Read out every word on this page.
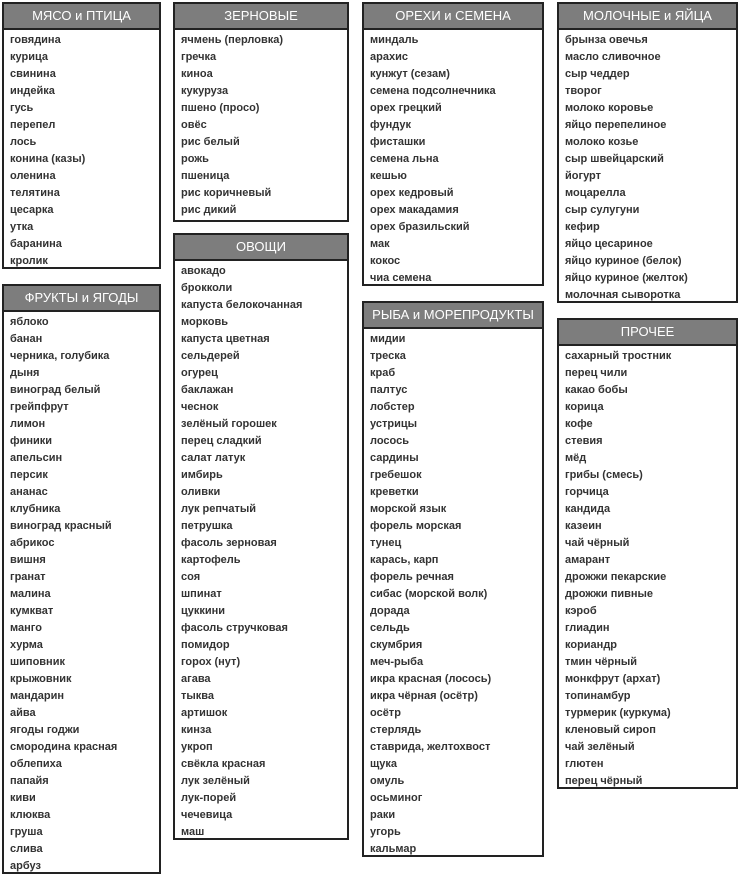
МЯСО и ПТИЦА
говядина
курица
свинина
индейка
гусь
перепел
лось
конина (казы)
оленина
телятина
цесарка
утка
баранина
кролик
ФРУКТЫ и ЯГОДЫ
яблоко
банан
черника, голубика
дыня
виноград белый
грейпфрут
лимон
финики
апельсин
персик
ананас
клубника
виноград красный
абрикос
вишня
гранат
малина
кумкват
манго
хурма
шиповник
крыжовник
мандарин
айва
ягоды годжи
смородина красная
облепиха
папайя
киви
клюква
груша
слива
арбуз
ЗЕРНОВЫЕ
ячмень (перловка)
гречка
киноа
кукуруза
пшено (просо)
овёс
рис белый
рожь
пшеница
рис коричневый
рис дикий
ОВОЩИ
авокадо
брокколи
капуста белокочанная
морковь
капуста цветная
сельдерей
огурец
баклажан
чеснок
зелёный горошек
перец сладкий
салат латук
имбирь
оливки
лук репчатый
петрушка
фасоль зерновая
картофель
соя
шпинат
цуккини
фасоль стручковая
помидор
горох (нут)
агава
тыква
артишок
кинза
укроп
свёкла красная
лук зелёный
лук-порей
чечевица
маш
ОРЕХИ и СЕМЕНА
миндаль
арахис
кунжут (сезам)
семена подсолнечника
орех грецкий
фундук
фисташки
семена льна
кешью
орех кедровый
орех макадамия
орех бразильский
мак
кокос
чиа семена
РЫБА и МОРЕПРОДУКТЫ
мидии
треска
краб
палтус
лобстер
устрицы
лосось
сардины
гребешок
креветки
морской язык
форель морская
тунец
карась, карп
форель речная
сибас (морской волк)
дорада
сельдь
скумбрия
меч-рыба
икра красная (лосось)
икра чёрная (осётр)
осётр
стерлядь
ставрида, желтохвост
щука
омуль
осьминог
раки
угорь
кальмар
МОЛОЧНЫЕ и ЯЙЦА
брынза овечья
масло сливочное
сыр чеддер
творог
молоко коровье
яйцо перепелиное
молоко козье
сыр швейцарский
йогурт
моцарелла
сыр сулугуни
кефир
яйцо цесариное
яйцо куриное (белок)
яйцо куриное (желток)
молочная сыворотка
ПРОЧЕЕ
сахарный тростник
перец чили
какао бобы
корица
кофе
стевия
мёд
грибы (смесь)
горчица
кандида
казеин
чай чёрный
амарант
дрожжи пекарские
дрожжи пивные
кэроб
глиадин
кориандр
тмин чёрный
монкфрут (архат)
топинамбур
турмерик (куркума)
кленовый сироп
чай зелёный
глютен
перец чёрный
